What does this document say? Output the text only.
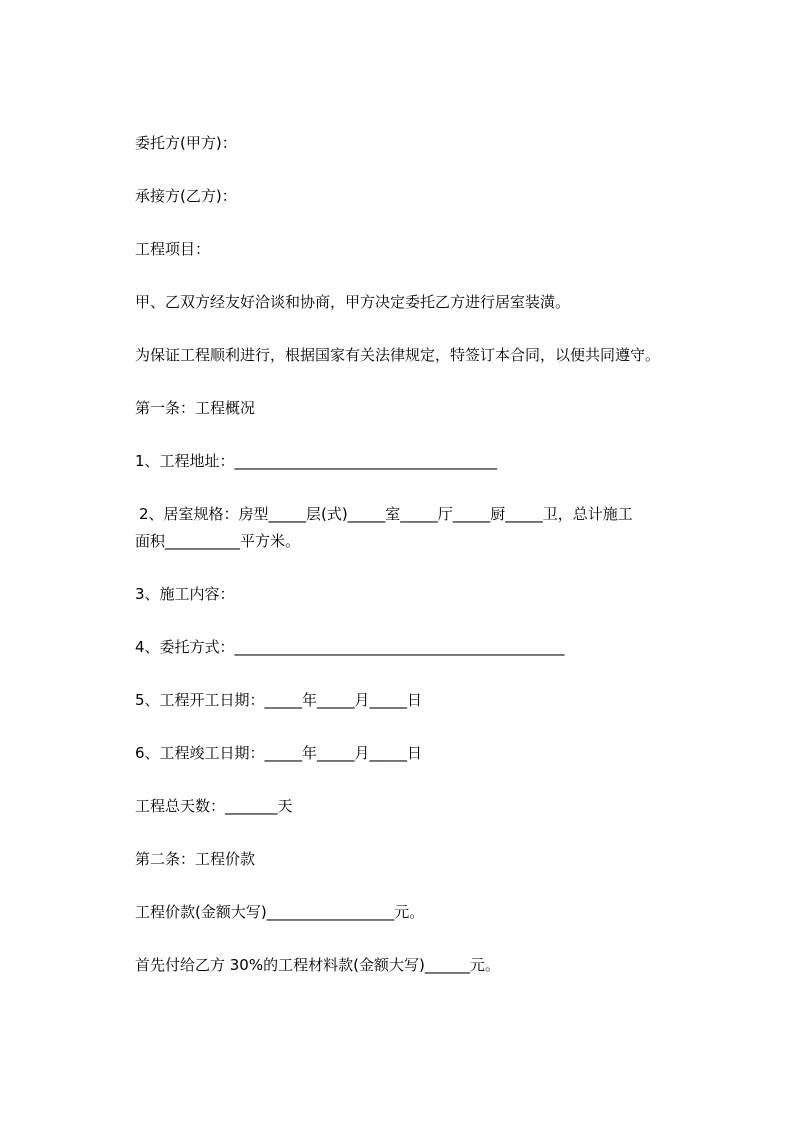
委托方(甲方)：

承接方(乙方)：

工程项目：

甲、乙双方经友好洽谈和协商，甲方决定委托乙方进行居室装潢。

为保证工程顺利进行，根据国家有关法律规定，特签订本合同，以便共同遵守。

第一条：工程概况

1、工程地址：___________________________________

2、居室规格：房型_____层(式)_____室_____厅_____厨_____卫，总计施工

面积__________平方米。

3、施工内容：

4、委托方式：____________________________________________

5、工程开工日期：_____年_____月_____日

6、工程竣工日期：_____年_____月_____日

工程总天数：_______天

第二条：工程价款

工程价款(金额大写)_________________元。

首先付给乙方 30%的工程材料款(金额大写)______元。
